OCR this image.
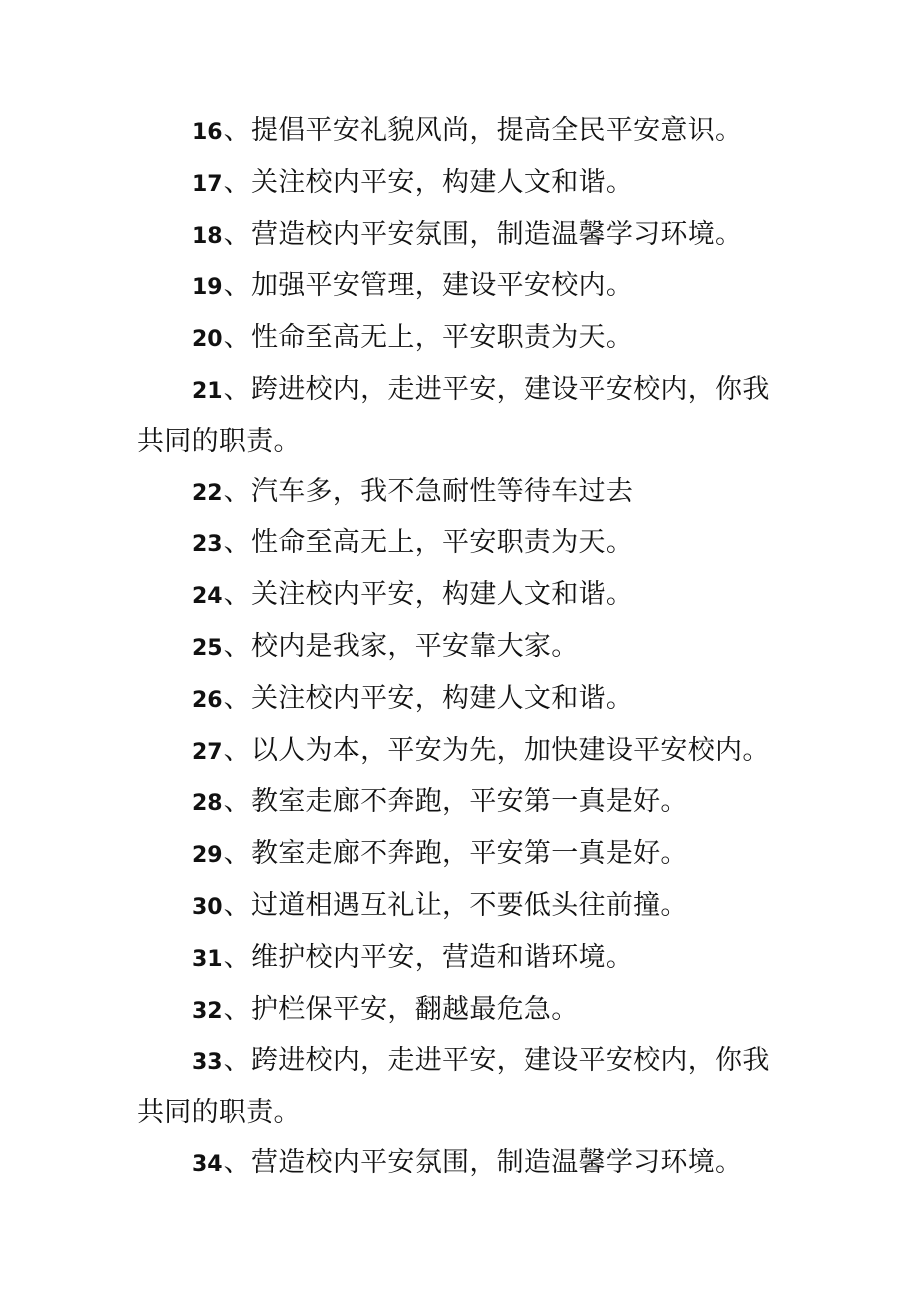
16、提倡平安礼貌风尚，提高全民平安意识。

17、关注校内平安，构建人文和谐。

18、营造校内平安氛围，制造温馨学习环境。

19、加强平安管理，建设平安校内。

20、性命至高无上，平安职责为天。

21、跨进校内，走进平安，建设平安校内，你我共同的职责。

22、汽车多，我不急耐性等待车过去

23、性命至高无上，平安职责为天。

24、关注校内平安，构建人文和谐。

25、校内是我家，平安靠大家。

26、关注校内平安，构建人文和谐。

27、以人为本，平安为先，加快建设平安校内。

28、教室走廊不奔跑，平安第一真是好。

29、教室走廊不奔跑，平安第一真是好。

30、过道相遇互礼让，不要低头往前撞。

31、维护校内平安，营造和谐环境。

32、护栏保平安，翻越最危急。

33、跨进校内，走进平安，建设平安校内，你我共同的职责。

34、营造校内平安氛围，制造温馨学习环境。
